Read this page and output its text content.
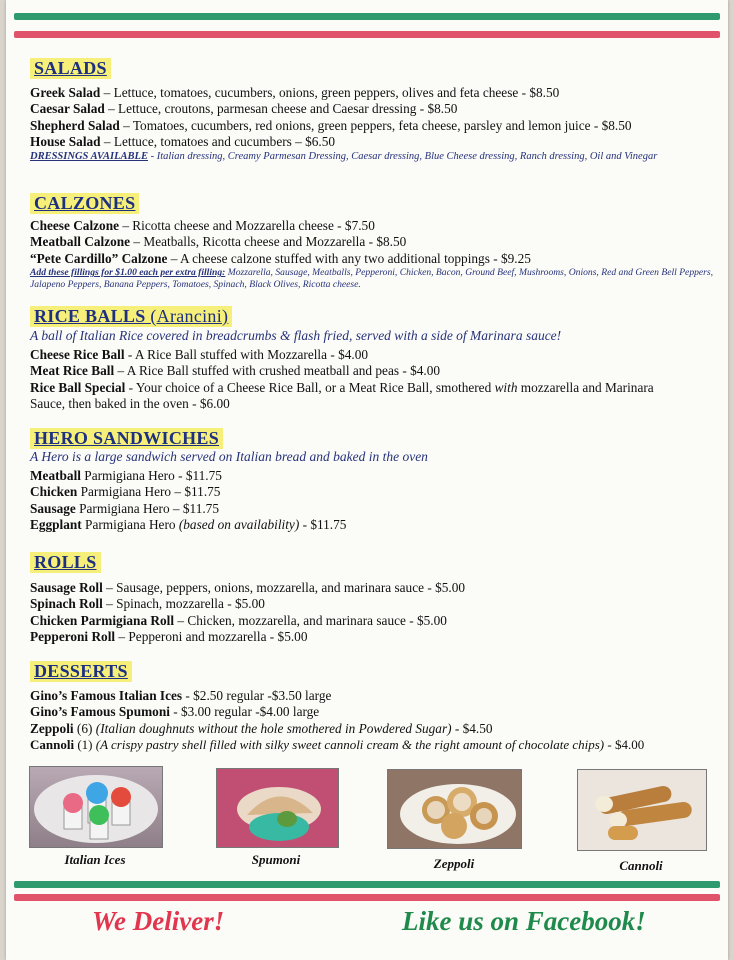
SALADS
Greek Salad – Lettuce, tomatoes, cucumbers, onions, green peppers, olives and feta cheese - $8.50
Caesar Salad – Lettuce, croutons, parmesan cheese and Caesar dressing - $8.50
Shepherd Salad – Tomatoes, cucumbers, red onions, green peppers, feta cheese, parsley and lemon juice - $8.50
House Salad – Lettuce, tomatoes and cucumbers – $6.50
DRESSINGS AVAILABLE - Italian dressing, Creamy Parmesan Dressing, Caesar dressing, Blue Cheese dressing, Ranch dressing, Oil and Vinegar
CALZONES
Cheese Calzone – Ricotta cheese and Mozzarella cheese - $7.50
Meatball Calzone – Meatballs, Ricotta cheese and Mozzarella - $8.50
“Pete Cardillo” Calzone – A cheese calzone stuffed with any two additional toppings - $9.25
Add these fillings for $1.00 each per extra filling: Mozzarella, Sausage, Meatballs, Pepperoni, Chicken, Bacon, Ground Beef, Mushrooms, Onions, Red and Green Bell Peppers, Jalapeno Peppers, Banana Peppers, Tomatoes, Spinach, Black Olives, Ricotta cheese.
RICE BALLS (Arancini)
A ball of Italian Rice covered in breadcrumbs & flash fried, served with a side of Marinara sauce!
Cheese Rice Ball - A Rice Ball stuffed with Mozzarella - $4.00
Meat Rice Ball – A Rice Ball stuffed with crushed meatball and peas - $4.00
Rice Ball Special - Your choice of a Cheese Rice Ball, or a Meat Rice Ball, smothered with mozzarella and Marinara Sauce, then baked in the oven - $6.00
HERO SANDWICHES
A Hero is a large sandwich served on Italian bread and baked in the oven
Meatball Parmigiana Hero - $11.75
Chicken Parmigiana Hero – $11.75
Sausage Parmigiana Hero – $11.75
Eggplant Parmigiana Hero (based on availability) - $11.75
ROLLS
Sausage Roll – Sausage, peppers, onions, mozzarella, and marinara sauce - $5.00
Spinach Roll – Spinach, mozzarella - $5.00
Chicken Parmigiana Roll – Chicken, mozzarella, and marinara sauce - $5.00
Pepperoni Roll – Pepperoni and mozzarella - $5.00
DESSERTS
Gino’s Famous Italian Ices - $2.50 regular -$3.50 large
Gino’s Famous Spumoni - $3.00 regular -$4.00 large
Zeppoli (6) (Italian doughnuts without the hole smothered in Powdered Sugar) - $4.50
Cannoli (1) (A crispy pastry shell filled with silky sweet cannoli cream & the right amount of chocolate chips) - $4.00
Italian Ices	Spumoni	Zeppoli	Cannoli
We Deliver!	Like us on Facebook!
